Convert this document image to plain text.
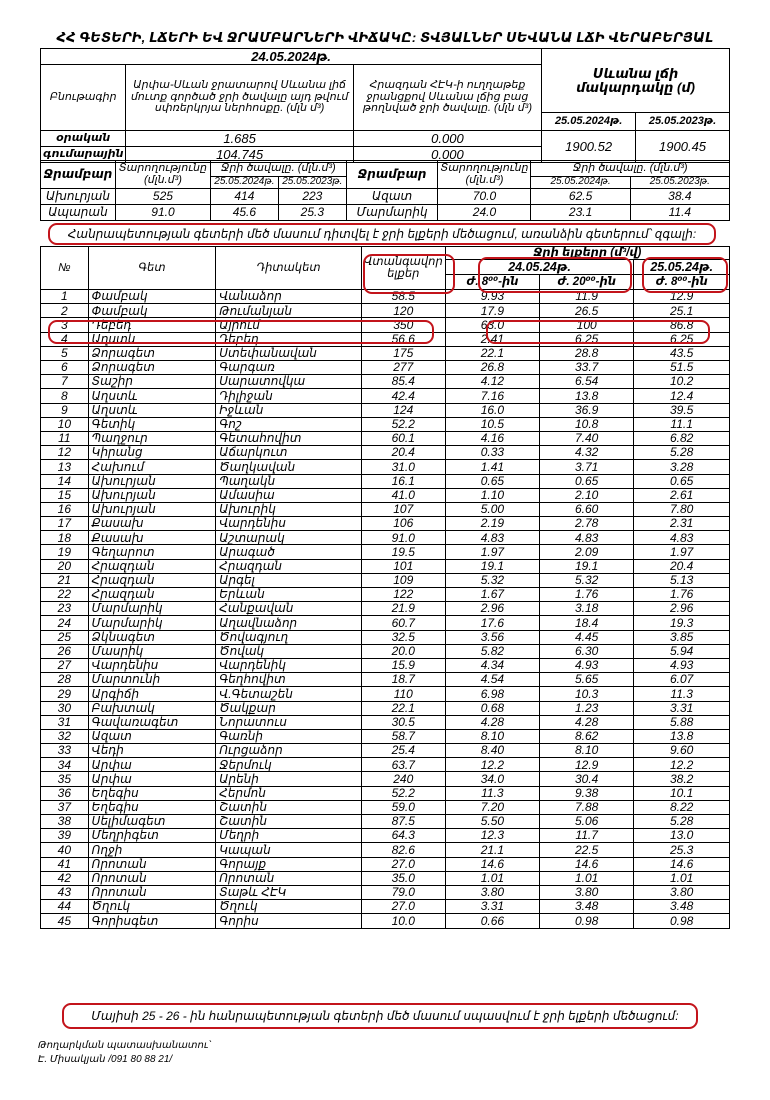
ՀՀ ԳԵՏԵՐԻ, ԼՃԵՐԻ ԵՎ ՋՐԱՄԲԱՐՆԵՐԻ ՎԻՃԱԿԸ: ՏՎՅԱԼՆԵՐ ՍԵՎԱՆԱ ԼՃԻ ՎԵՐԱԲԵՐՅԱԼ
24.05.2024թ.			Սևանա լճի մակարդակը (մ)	
Բնութագիր	Արփա-Սևան ջրատարով Սևանա լիճ մուտք գործած ջրի ծավալը այդ թվում սփռերկրյա ներհոսքը. (մլն մ³)	Հրազդան ՀԷԿ-ի ուղղաթեք ջրանցքով Սևանա լճից բաց թողնված ջրի ծավալը. (մլն մ³)		
			25.05.2024թ.	25.05.2023թ.
օրական	1.685	0.000	1900.52	1900.45
գումարային	104.745	0.000		
Ջրամբար	Տարողությունը (մլն.մ³)	Ջրի ծավալը. (մլն.մ³)		Ջրամբար	Տարողությունը (մլն.մ³)	Ջրի ծավալը. (մլն.մ³)	
		25.05.2024թ.	25.05.2023թ.			25.05.2024թ.	25.05.2023թ.
Ախուրյան	525	414	223	Ազատ	70.0	62.5	38.4
Ապարան	91.0	45.6	25.3	Մարմարիկ	24.0	23.1	11.4
Հանրապետության գետերի մեծ մասում դիտվել է ջրի ելքերի մեծացում, առանձին գետերում՝ զգալի:
№	Գետ	Դիտակետ	Վտանգավոր ելքեր	Ջրի ելքերը (մ³/վ)		
				24.05.24թ.		25.05.24թ.
				ժ. 8⁰⁰-ին	ժ. 20⁰⁰-ին	ժ. 8⁰⁰-ին
1	Փամբակ	Վանաձոր	58.5	9.93	11.9	12.9
2	Փամբակ	Թումանյան	120	17.9	26.5	25.1
3	Դեբեդ	Այրում	350	63.0	100	86.8
4	Աղստև	Դեբեդ	56.6	2.41	6.25	6.25
5	Ձորագետ	Ստեփանավան	175	22.1	28.8	43.5
6	Ձորագետ	Գարգառ	277	26.8	33.7	51.5
7	Տաշիր	Սարատովկա	85.4	4.12	6.54	10.2
8	Աղստև	Դիլիջան	42.4	7.16	13.8	12.4
9	Աղստև	Իջևան	124	16.0	36.9	39.5
10	Գետիկ	Գոշ	52.2	10.5	10.8	11.1
11	Պաղջուր	Գետահովիտ	60.1	4.16	7.40	6.82
12	Կիրանց	Աճարկուտ	20.4	0.33	4.32	5.28
13	Հախում	Ծաղկավան	31.0	1.41	3.71	3.28
14	Ախուրյան	Պաղակն	16.1	0.65	0.65	0.65
15	Ախուրյան	Ամասիա	41.0	1.10	2.10	2.61
16	Ախուրյան	Ախուրիկ	107	5.00	6.60	7.80
17	Քասախ	Վարդենիս	106	2.19	2.78	2.31
18	Քասախ	Աշտարակ	91.0	4.83	4.83	4.83
19	Գեղարոտ	Արագած	19.5	1.97	2.09	1.97
20	Հրազդան	Հրազդան	101	19.1	19.1	20.4
21	Հրազդան	Արգել	109	5.32	5.32	5.13
22	Հրազդան	Երևան	122	1.67	1.76	1.76
23	Մարմարիկ	Հանքավան	21.9	2.96	3.18	2.96
24	Մարմարիկ	Աղավնաձոր	60.7	17.6	18.4	19.3
25	Ձկնագետ	Ծովագյուղ	32.5	3.56	4.45	3.85
26	Մասրիկ	Ծովակ	20.0	5.82	6.30	5.94
27	Վարդենիս	Վարդենիկ	15.9	4.34	4.93	4.93
28	Մարտունի	Գեղհովիտ	18.7	4.54	5.65	6.07
29	Արգիճի	Վ.Գետաշեն	110	6.98	10.3	11.3
30	Բախտակ	Ծակքար	22.1	0.68	1.23	3.31
31	Գավառագետ	Նորատուս	30.5	4.28	4.28	5.88
32	Ազատ	Գառնի	58.7	8.10	8.62	13.8
33	Վեդի	Ուրցաձոր	25.4	8.40	8.10	9.60
34	Արփա	Ջերմուկ	63.7	12.2	12.9	12.2
35	Արփա	Արենի	240	34.0	30.4	38.2
36	Եղեգիս	Հերմոն	52.2	11.3	9.38	10.1
37	Եղեգիս	Շատին	59.0	7.20	7.88	8.22
38	Սելիմագետ	Շատին	87.5	5.50	5.06	5.28
39	Մեղրիգետ	Մեղրի	64.3	12.3	11.7	13.0
40	Ողջի	Կապան	82.6	21.1	22.5	25.3
41	Որոտան	Գորայք	27.0	14.6	14.6	14.6
42	Որոտան	Որոտան	35.0	1.01	1.01	1.01
43	Որոտան	Տաթև ՀԷԿ	79.0	3.80	3.80	3.80
44	Ծղուկ	Ծղուկ	27.0	3.31	3.48	3.48
45	Գորիսգետ	Գորիս	10.0	0.66	0.98	0.98
Մայիսի 25 - 26 - ին հանրապետության գետերի մեծ մասում սպասվում է ջրի ելքերի մեծացում:
Թողարկման պատասխանատու՝
Է. Միսակյան /091 80 88 21/
